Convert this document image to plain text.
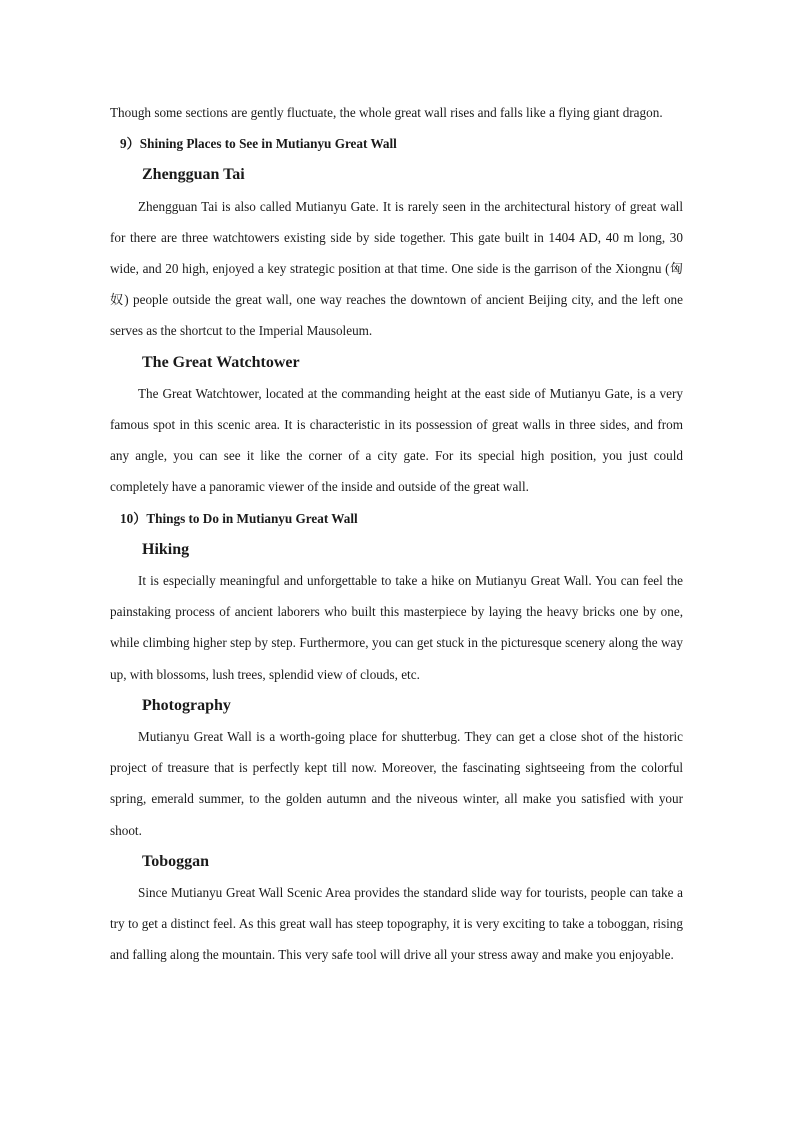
Though some sections are gently fluctuate, the whole great wall rises and falls like a flying giant dragon.

9）Shining Places to See in Mutianyu Great Wall
Zhengguan Tai

Zhengguan Tai is also called Mutianyu Gate. It is rarely seen in the architectural history of great wall for there are three watchtowers existing side by side together. This gate built in 1404 AD, 40 m long, 30 wide, and 20 high, enjoyed a key strategic position at that time. One side is the garrison of the Xiongnu (匈奴) people outside the great wall, one way reaches the downtown of ancient Beijing city, and the left one serves as the shortcut to the Imperial Mausoleum.

The Great Watchtower

The Great Watchtower, located at the commanding height at the east side of Mutianyu Gate, is a very famous spot in this scenic area. It is characteristic in its possession of great walls in three sides, and from any angle, you can see it like the corner of a city gate. For its special high position, you just could completely have a panoramic viewer of the inside and outside of the great wall.

10）Things to Do in Mutianyu Great Wall
Hiking

It is especially meaningful and unforgettable to take a hike on Mutianyu Great Wall. You can feel the painstaking process of ancient laborers who built this masterpiece by laying the heavy bricks one by one, while climbing higher step by step. Furthermore, you can get stuck in the picturesque scenery along the way up, with blossoms, lush trees, splendid view of clouds, etc.

Photography

Mutianyu Great Wall is a worth-going place for shutterbug. They can get a close shot of the historic project of treasure that is perfectly kept till now. Moreover, the fascinating sightseeing from the colorful spring, emerald summer, to the golden autumn and the niveous winter, all make you satisfied with your shoot.

Toboggan

Since Mutianyu Great Wall Scenic Area provides the standard slide way for tourists, people can take a try to get a distinct feel. As this great wall has steep topography, it is very exciting to take a toboggan, rising and falling along the mountain. This very safe tool will drive all your stress away and make you enjoyable.
